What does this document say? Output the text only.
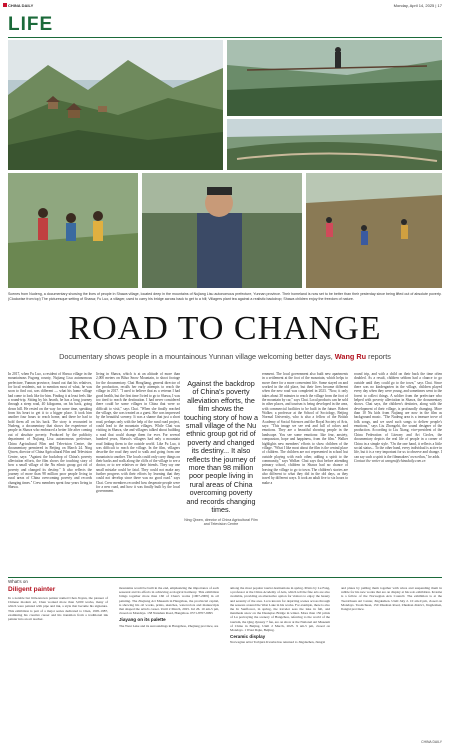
CHINA DAILY	Monday, April 14, 2025 | 17
LIFE
Scenes from Nudeng, a documentary showing the lives of people in Shawa village, located deep in the mountains of Nujiang Lisu autonomous prefecture, Yunnan province. Their homeland is now set to be better than their yesterday since being lifted out of absolute poverty. (Clockwise from top) The picturesque setting of Shawa; Fu Luo, a villager, used to carry his bridge across back to get to a hill; Villagers plant tea against a realistic backdrop; Shawa children enjoy the freedom of nature.
ROAD TO CHANGE
Documentary shows people in a mountainous Yunnan village welcoming better days, Wang Ru reports
In 2017, when Fu Luo, a resident of Shawa village in the mountainous Fugong county, Nujiang Lisu autonomous prefecture, Yunnan province, found out that his relatives, for local residents, not to mention most of what, he was soon to find out, was different — what his home village had come to look like for him. Finding it at least feels like a round-trip. Sitting by his hearth, he has a long journey through a steep road, 40 kilograms, on his back, going down hill. He rested on the way for some time, speaking from his heart to get it to a bigger place. It took him another four hours to reach home, and there he had to hold them all on his back. The story is recounted in Nudeng, a documentary that shows the experience of people in Shawa who embraced a better life after coming out of absolute poverty. Produced by the publicity department of Nujiang Lisu autonomous prefecture, China Agricultural Film and Television Centre, the documentary premiered in Beijing on March 24. Ning Qiwen, director of China Agricultural Film and Television Centre, says: "Against the backdrop of China's poverty alleviation efforts, the film shows the touching story of how a small village of the Nu ethnic group got rid of poverty and changed its destiny." It also reflects the journey of more than 98 million poor people living in rural areas of China overcoming poverty and records changing times." Crew members spent four years living in Shawa.
living in Shawa, which is at an altitude of more than 2,000 meters on Biluo Snow Mountain, to shoot footage for the documentary. Chai Hongliang, general director of the production, recalls her early attempts to reach the village in 2017. "I used to believe that as a veteran I had good health, but the first time I tried to go to Shawa, I was too tired to reach the destination. I had never considered there could be some villages in China that were so difficult to visit," says Chai. "When she finally reached the village, she was treated as a guest. She was impressed by the beautiful scenery. It was a shame that just a short road, perhaps only with the help of the rural road project, could lead to the mountain villages. While Chai was visiting in Shawa, she and villagers talked about building a road that could change them for ever. For several hundred years, Shawa's villagers had only a mountain road linking them to the outside world. Like Fu Luo, it was difficult to reach the village. In the film, villagers describe the road they used to walk and going from one mountain to another. The locals could only carry things on their backs and walk along the cliffs of the village to see a doctor, or to see relatives or their friends. They say one small mistake could be fatal. They could not make any further progress with their efforts by learning that they could not develop since there was no good road." says Chai. Crew members recorded how desperate people were for a new road, and how it was finally built by the local government.
Against the backdrop of China's poverty alleviation efforts, the film shows the touching story of how a small village of the Nu ethnic group got rid of poverty and changed its destiny... It also reflects the journey of more than 98 million poor people living in rural areas of China overcoming poverty and records changing times.
Ning Qiwen, director of China Agricultural Film and Television Centre
ernment. The local government also built new apartments in a settlement at the foot of the mountain, which helps to move there for a more convenient life. Some stayed on and worked in the old place, but their lives became different when the new road was completed in 2023. "Now, it only takes about 30 minutes to reach the village from the foot of the mountain by car," says Chai. Local products can be sold in other places, and tourism is being developed in the area, with commercial facilities to be built in the future. Robert Walker, a professor at the School of Sociology, Beijing Normal University, who is also a fellow of the British Academy of Social Sciences and the Royal Society of Arts, says: "This image we see real and full of colors and emotions. They are a beautiful showing people in the landscape. You see some emotions: like fear, anxiety, compassion, hope and happiness, from the film." Walker highlights new members' efforts to show children of the village. "What I like most about the film is the central place of children. The children are not represented in school but outside playing with each other, adding a spirit to the community," says Walker. Chai says that before attending primary school, children in Shawa had no chance of leaving the village to go to town. The children's stories are also different to what they did in the old days, as they travel by different ways. It took an adult five to six hours to make a
round trip, and with a child on their back the time often doubled. As a result, children seldom had a chance to go outside until they could go to the town," says Chai. Since there was no kindergarten in the village, children played every day when they were young, and sometimes went to the forest to collect things. A soldier from the prefecture who helped with poverty alleviation in Shawa, the documentary shows. Chai says, the children's destinies, along with the development of their village, is profoundly changing. More than 10 Nu kids from Nujiang are now in the film as background music. "The Nudeng area is a treasure trove of folk songs, and we used such songs to deliver people's emotions," says Liu Zhongzhi, the sound designer of the production. According to Liu Xiang, vice-president of the China Federation of Literary and Art Circles, the documentary depicts the real life of people in a corner of China in a simple style. "On the one hand, it reflects a little social status... To the other hand, every individual is active in life, but it is a very important for us to observe and change. I can say such a spirit is the filmmakers' own ethos," he adds.
Contact the writer at wangru@chinadaily.com.cn
What's on
Diligent painter
In a notable but little-known painter named Chen Jiayun, the pioneer of Chinese modern art, Chen worked more than 3,000 works, many of which were painted with pipe and ink, a style that became his signature. This exhibition is part of a major series dedicated to Chen, 1905-1987, examining his creative career and his transition from a traditional ink painter into an art teacher.
mountains would be built in the end, emphasizing the importance of each seasonal and its effects in achieving ecological harmony. This exhibition brings together more than 160 of Chen's works (1907-2009) in oil painting. The Zhejiang Art Museum in Hangzhou, the provincial capital, is showing his oil works, prints, sketches, watercolors and manuscripts that shaped the artist's career. Until 2 March, 2025. Jul 26. 10 am-5 pm, closed on Mondays. 138 Nanshan Road, Hangzhou. 0571-8707-9095
Jiayang on its palette
The West Lake and its surroundings in Hangzhou, Zhejiang province, are
among the most popular tourist destinations in spring. Prints by Lu Fang, a professor at the China Academy of Arts, which tell the fine arts are also available, providing an alternative option for visitors to enjoy the beauty and serenity of the area. Lu is known for depicting scenes across through the seasons around the West Lake in his works. For example, there is also the In Sunflower, in spring, the traveler sees the lake in fall, and manmade snow on the Duanqiao Bridge in winter. More than 150 prints of Lu portraying the scenery of Hangzhou, referring to the world of the tourism, the Qing dynasty 7 fan, are on show at the National Art Museum of China in Beijing. Until 2 March, 2025. 9 am-5 pm, closed on Mondays. 1 Wusi Dajie, Beijing.
Ceramic display
Norwegian artist Torbjørn Kvasbø has returned to Jingdezhen, Jiangxi
and plates by pulling them together with wires and suspending them in rubble for his new works that are on display at his solo exhibition. Kvasbø is a fellow of the Norwegian Arts Council. The exhibition is at the Taoxichuan Art Center, Jingdezhen. Until July 2. 10 am-9 pm, closed on Mondays. Taoxichuan, 150 Zhushan Road, Zhushan district, Jingdezhen, Jiangxi province.
CHINA DAILY
